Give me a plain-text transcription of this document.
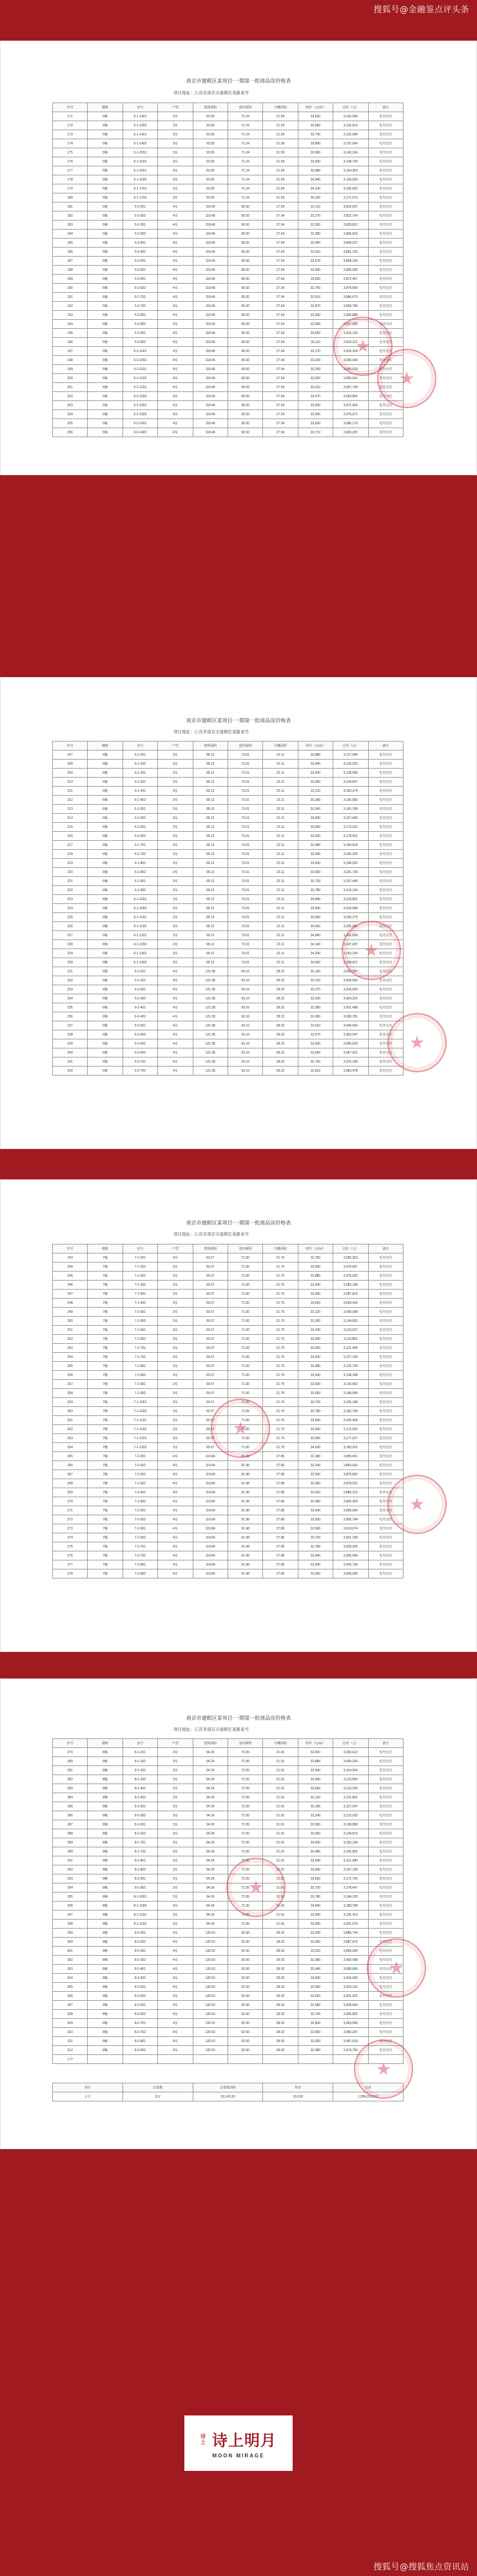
搜狐号@金融鉴点评头条
南京市建邺区某项目·一期第一批商品房价格表
项目地址：江苏省南京市建邺区某路某号
序号	楼栋	房号	户型	建筑面积	套内面积	分摊面积	单价（元/㎡）	总价（元）	备注
171	5幢	5-1-1301	3室	92.83	71.24	21.59	33,620	3,120,945	毛坯交付
172	5幢	5-1-1302	3室	92.83	71.24	21.59	33,680	3,126,514	毛坯交付
173	5幢	5-1-1401	3室	92.83	71.24	21.59	33,740	3,132,084	毛坯交付
174	5幢	5-1-1402	3室	92.83	71.24	21.59	33,800	3,137,654	毛坯交付
175	5幢	5-1-1501	3室	92.83	71.24	21.59	33,860	3,143,224	毛坯交付
176	5幢	5-1-1502	3室	92.83	71.24	21.59	33,920	3,148,794	毛坯交付
177	5幢	5-1-1601	3室	92.83	71.24	21.59	33,980	3,154,363	毛坯交付
178	5幢	5-1-1602	3室	92.83	71.24	21.59	34,040	3,159,933	毛坯交付
179	5幢	5-1-1701	3室	92.83	71.24	21.59	34,100	3,165,503	毛坯交付
180	5幢	5-1-1702	3室	92.83	71.24	21.59	34,160	3,171,073	毛坯交付
181	5幢	5-2-201	4室	118.46	90.92	27.54	32,210	3,815,597	毛坯交付
182	5幢	5-2-202	4室	118.46	90.92	27.54	32,270	3,822,704	毛坯交付
183	5幢	5-2-301	4室	118.46	90.92	27.54	32,330	3,829,812	毛坯交付
184	5幢	5-2-302	4室	118.46	90.92	27.54	32,390	3,836,919	毛坯交付
185	5幢	5-2-401	4室	118.46	90.92	27.54	32,450	3,844,027	毛坯交付
186	5幢	5-2-402	4室	118.46	90.92	27.54	32,510	3,851,135	毛坯交付
187	5幢	5-2-501	4室	118.46	90.92	27.54	32,570	3,858,242	毛坯交付
188	5幢	5-2-502	4室	118.46	90.92	27.54	32,630	3,865,350	毛坯交付
189	5幢	5-2-601	4室	118.46	90.92	27.54	32,690	3,872,457	毛坯交付
190	5幢	5-2-602	4室	118.46	90.92	27.54	32,750	3,879,565	毛坯交付
191	5幢	5-2-701	4室	118.46	90.92	27.54	32,810	3,886,673	毛坯交付
192	5幢	5-2-702	4室	118.46	90.92	27.54	32,870	3,893,780	毛坯交付
193	5幢	5-2-801	4室	118.46	90.92	27.54	32,930	3,900,888	毛坯交付
194	5幢	5-2-802	4室	118.46	90.92	27.54	32,990	3,907,995	毛坯交付
195	5幢	5-2-901	4室	118.46	90.92	27.54	33,050	3,915,103	毛坯交付
196	5幢	5-2-902	4室	118.46	90.92	27.54	33,110	3,922,211	毛坯交付
197	5幢	5-2-1001	4室	118.46	90.92	27.54	33,170	3,929,318	毛坯交付
198	5幢	5-2-1002	4室	118.46	90.92	27.54	33,230	3,936,426	毛坯交付
199	5幢	5-2-1101	4室	118.46	90.92	27.54	33,290	3,943,533	毛坯交付
200	5幢	5-2-1102	4室	118.46	90.92	27.54	33,350	3,950,641	毛坯交付
201	5幢	5-2-1201	4室	118.46	90.92	27.54	33,410	3,957,749	毛坯交付
202	5幢	5-2-1202	4室	118.46	90.92	27.54	33,470	3,964,856	毛坯交付
203	5幢	5-2-1301	4室	118.46	90.92	27.54	33,530	3,971,964	毛坯交付
204	5幢	5-2-1302	4室	118.46	90.92	27.54	33,590	3,979,071	毛坯交付
205	5幢	5-2-1401	4室	118.46	90.92	27.54	33,650	3,986,179	毛坯交付
206	5幢	5-2-1402	4室	118.46	90.92	27.54	33,710	3,993,287	毛坯交付
南京市建邺区某项目·一期第一批商品房价格表
项目地址：江苏省南京市建邺区某路某号
序号	楼栋	房号	户型	建筑面积	套内面积	分摊面积	单价（元/㎡）	总价（元）	备注
207	6幢	6-1-201	3室	95.12	73.01	22.11	32,880	3,127,546	毛坯交付
208	6幢	6-1-202	3室	95.12	73.01	22.11	32,940	3,133,253	毛坯交付
209	6幢	6-1-301	3室	95.12	73.01	22.11	33,000	3,138,960	毛坯交付
210	6幢	6-1-302	3室	95.12	73.01	22.11	33,060	3,144,667	毛坯交付
211	6幢	6-1-401	3室	95.12	73.01	22.11	33,120	3,150,374	毛坯交付
212	6幢	6-1-402	3室	95.12	73.01	22.11	33,180	3,156,082	毛坯交付
213	6幢	6-1-501	3室	95.12	73.01	22.11	33,240	3,161,789	毛坯交付
214	6幢	6-1-502	3室	95.12	73.01	22.11	33,300	3,167,496	毛坯交付
215	6幢	6-1-601	3室	95.12	73.01	22.11	33,360	3,173,203	毛坯交付
216	6幢	6-1-602	3室	95.12	73.01	22.11	33,420	3,178,910	毛坯交付
217	6幢	6-1-701	3室	95.12	73.01	22.11	33,480	3,184,618	毛坯交付
218	6幢	6-1-702	3室	95.12	73.01	22.11	33,540	3,190,325	毛坯交付
219	6幢	6-1-801	3室	95.12	73.01	22.11	33,600	3,196,032	毛坯交付
220	6幢	6-1-802	3室	95.12	73.01	22.11	33,660	3,201,739	毛坯交付
221	6幢	6-1-901	3室	95.12	73.01	22.11	33,720	3,207,446	毛坯交付
222	6幢	6-1-902	3室	95.12	73.01	22.11	33,780	3,213,154	毛坯交付
223	6幢	6-1-1001	3室	95.12	73.01	22.11	33,840	3,218,861	毛坯交付
224	6幢	6-1-1002	3室	95.12	73.01	22.11	33,900	3,224,568	毛坯交付
225	6幢	6-1-1101	3室	95.12	73.01	22.11	33,960	3,230,275	毛坯交付
226	6幢	6-1-1102	3室	95.12	73.01	22.11	34,020	3,235,982	毛坯交付
227	6幢	6-1-1201	3室	95.12	73.01	22.11	34,080	3,241,690	毛坯交付
228	6幢	6-1-1202	3室	95.12	73.01	22.11	34,140	3,247,397	毛坯交付
229	6幢	6-1-1301	3室	95.12	73.01	22.11	34,200	3,253,104	毛坯交付
230	6幢	6-1-1302	3室	95.12	73.01	22.11	34,260	3,258,811	毛坯交付
231	6幢	6-2-201	4室	121.38	93.16	28.22	32,150	3,902,367	毛坯交付
232	6幢	6-2-202	4室	121.38	93.16	28.22	32,210	3,909,650	毛坯交付
233	6幢	6-2-301	4室	121.38	93.16	28.22	32,270	3,916,933	毛坯交付
234	6幢	6-2-302	4室	121.38	93.16	28.22	32,330	3,924,215	毛坯交付
235	6幢	6-2-401	4室	121.38	93.16	28.22	32,390	3,931,498	毛坯交付
236	6幢	6-2-402	4室	121.38	93.16	28.22	32,450	3,938,781	毛坯交付
237	6幢	6-2-501	4室	121.38	93.16	28.22	32,510	3,946,064	毛坯交付
238	6幢	6-2-502	4室	121.38	93.16	28.22	32,570	3,953,347	毛坯交付
239	6幢	6-2-601	4室	121.38	93.16	28.22	32,630	3,960,629	毛坯交付
240	6幢	6-2-602	4室	121.38	93.16	28.22	32,690	3,967,912	毛坯交付
241	6幢	6-2-701	4室	121.38	93.16	28.22	32,750	3,975,195	毛坯交付
242	6幢	6-2-702	4室	121.38	93.16	28.22	32,810	3,982,478	毛坯交付
南京市建邺区某项目·一期第一批商品房价格表
项目地址：江苏省南京市建邺区某路某号
序号	楼栋	房号	户型	建筑面积	套内面积	分摊面积	单价（元/㎡）	总价（元）	备注
243	7幢	7-1-201	3室	93.57	71.82	21.75	32,760	3,065,353	毛坯交付
244	7幢	7-1-202	3室	93.57	71.82	21.75	32,820	3,070,967	毛坯交付
245	7幢	7-1-301	3室	93.57	71.82	21.75	32,880	3,076,582	毛坯交付
246	7幢	7-1-302	3室	93.57	71.82	21.75	32,940	3,082,196	毛坯交付
247	7幢	7-1-401	3室	93.57	71.82	21.75	33,000	3,087,810	毛坯交付
248	7幢	7-1-402	3室	93.57	71.82	21.75	33,060	3,093,424	毛坯交付
249	7幢	7-1-501	3室	93.57	71.82	21.75	33,120	3,099,038	毛坯交付
250	7幢	7-1-502	3室	93.57	71.82	21.75	33,180	3,104,653	毛坯交付
251	7幢	7-1-601	3室	93.57	71.82	21.75	33,240	3,110,267	毛坯交付
252	7幢	7-1-602	3室	93.57	71.82	21.75	33,300	3,115,881	毛坯交付
253	7幢	7-1-701	3室	93.57	71.82	21.75	33,360	3,121,495	毛坯交付
254	7幢	7-1-702	3室	93.57	71.82	21.75	33,420	3,127,109	毛坯交付
255	7幢	7-1-801	3室	93.57	71.82	21.75	33,480	3,132,724	毛坯交付
256	7幢	7-1-802	3室	93.57	71.82	21.75	33,540	3,138,338	毛坯交付
257	7幢	7-1-901	3室	93.57	71.82	21.75	33,600	3,143,952	毛坯交付
258	7幢	7-1-902	3室	93.57	71.82	21.75	33,660	3,149,566	毛坯交付
259	7幢	7-1-1001	3室	93.57	71.82	21.75	33,720	3,155,180	毛坯交付
260	7幢	7-1-1002	3室	93.57	71.82	21.75	33,780	3,160,795	毛坯交付
261	7幢	7-1-1101	3室	93.57	71.82	21.75	33,840	3,166,409	毛坯交付
262	7幢	7-1-1102	3室	93.57	71.82	21.75	33,900	3,172,023	毛坯交付
263	7幢	7-1-1201	3室	93.57	71.82	21.75	33,960	3,177,637	毛坯交付
264	7幢	7-1-1202	3室	93.57	71.82	21.75	34,020	3,183,251	毛坯交付
265	7幢	7-2-201	4室	119.84	91.98	27.86	32,180	3,856,451	毛坯交付
266	7幢	7-2-202	4室	119.84	91.98	27.86	32,240	3,863,642	毛坯交付
267	7幢	7-2-301	4室	119.84	91.98	27.86	32,300	3,870,832	毛坯交付
268	7幢	7-2-302	4室	119.84	91.98	27.86	32,360	3,878,022	毛坯交付
269	7幢	7-2-401	4室	119.84	91.98	27.86	32,420	3,885,213	毛坯交付
270	7幢	7-2-402	4室	119.84	91.98	27.86	32,480	3,892,403	毛坯交付
271	7幢	7-2-501	4室	119.84	91.98	27.86	32,540	3,899,594	毛坯交付
272	7幢	7-2-502	4室	119.84	91.98	27.86	32,600	3,906,784	毛坯交付
273	7幢	7-2-601	4室	119.84	91.98	27.86	32,660	3,913,974	毛坯交付
274	7幢	7-2-602	4室	119.84	91.98	27.86	32,720	3,921,165	毛坯交付
275	7幢	7-2-701	4室	119.84	91.98	27.86	32,780	3,928,355	毛坯交付
276	7幢	7-2-702	4室	119.84	91.98	27.86	32,840	3,935,546	毛坯交付
277	7幢	7-2-801	4室	119.84	91.98	27.86	32,900	3,942,736	毛坯交付
278	7幢	7-2-802	4室	119.84	91.98	27.86	32,960	3,949,926	毛坯交付
南京市建邺区某项目·一期第一批商品房价格表
项目地址：江苏省南京市建邺区某路某号
序号	楼栋	房号	户型	建筑面积	套内面积	分摊面积	单价（元/㎡）	总价（元）	备注
279	8幢	8-1-201	3室	94.26	72.35	21.91	32,820	3,093,613	毛坯交付
280	8幢	8-1-202	3室	94.26	72.35	21.91	32,880	3,099,269	毛坯交付
281	8幢	8-1-301	3室	94.26	72.35	21.91	32,940	3,104,924	毛坯交付
282	8幢	8-1-302	3室	94.26	72.35	21.91	33,000	3,110,580	毛坯交付
283	8幢	8-1-401	3室	94.26	72.35	21.91	33,060	3,116,236	毛坯交付
284	8幢	8-1-402	3室	94.26	72.35	21.91	33,120	3,121,891	毛坯交付
285	8幢	8-1-501	3室	94.26	72.35	21.91	33,180	3,127,547	毛坯交付
286	8幢	8-1-502	3室	94.26	72.35	21.91	33,240	3,133,202	毛坯交付
287	8幢	8-1-601	3室	94.26	72.35	21.91	33,300	3,138,858	毛坯交付
288	8幢	8-1-602	3室	94.26	72.35	21.91	33,360	3,144,514	毛坯交付
289	8幢	8-1-701	3室	94.26	72.35	21.91	33,420	3,150,169	毛坯交付
290	8幢	8-1-702	3室	94.26	72.35	21.91	33,480	3,155,825	毛坯交付
291	8幢	8-1-801	3室	94.26	72.35	21.91	33,540	3,161,480	毛坯交付
292	8幢	8-1-802	3室	94.26	72.35	21.91	33,600	3,167,136	毛坯交付
293	8幢	8-1-901	3室	94.26	72.35	21.91	33,660	3,172,792	毛坯交付
294	8幢	8-1-902	3室	94.26	72.35	21.91	33,720	3,178,447	毛坯交付
295	8幢	8-1-1001	3室	94.26	72.35	21.91	33,780	3,184,103	毛坯交付
296	8幢	8-1-1002	3室	94.26	72.35	21.91	33,840	3,189,758	毛坯交付
297	8幢	8-1-1101	3室	94.26	72.35	21.91	33,900	3,195,414	毛坯交付
298	8幢	8-1-1102	3室	94.26	72.35	21.91	33,960	3,201,070	毛坯交付
299	8幢	8-2-201	4室	120.52	92.50	28.02	32,200	3,880,744	毛坯交付
300	8幢	8-2-202	4室	120.52	92.50	28.02	32,260	3,887,975	毛坯交付
301	8幢	8-2-301	4室	120.52	92.50	28.02	32,320	3,895,206	毛坯交付
302	8幢	8-2-302	4室	120.52	92.50	28.02	32,380	3,902,438	毛坯交付
303	8幢	8-2-401	4室	120.52	92.50	28.02	32,440	3,909,669	毛坯交付
304	8幢	8-2-402	4室	120.52	92.50	28.02	32,500	3,916,900	毛坯交付
305	8幢	8-2-501	4室	120.52	92.50	28.02	32,560	3,924,131	毛坯交付
306	8幢	8-2-502	4室	120.52	92.50	28.02	32,620	3,931,362	毛坯交付
307	8幢	8-2-601	4室	120.52	92.50	28.02	32,680	3,938,594	毛坯交付
308	8幢	8-2-602	4室	120.52	92.50	28.02	32,740	3,945,825	毛坯交付
309	8幢	8-2-701	4室	120.52	92.50	28.02	32,800	3,953,056	毛坯交付
310	8幢	8-2-702	4室	120.52	92.50	28.02	32,860	3,960,287	毛坯交付
311	8幢	8-2-801	4室	120.52	92.50	28.02	32,920	3,967,518	毛坯交付
312	8幢	8-2-802	4室	120.52	92.50	28.02	32,980	3,974,750	毛坯交付
合计									
项目	总套数	总建筑面积	均价	总价
合计	312	33,142.26	33,018	1,094,293,512
诗上 诗上明月
MOON MIRAGE
搜狐号@搜狐焦点资讯站
